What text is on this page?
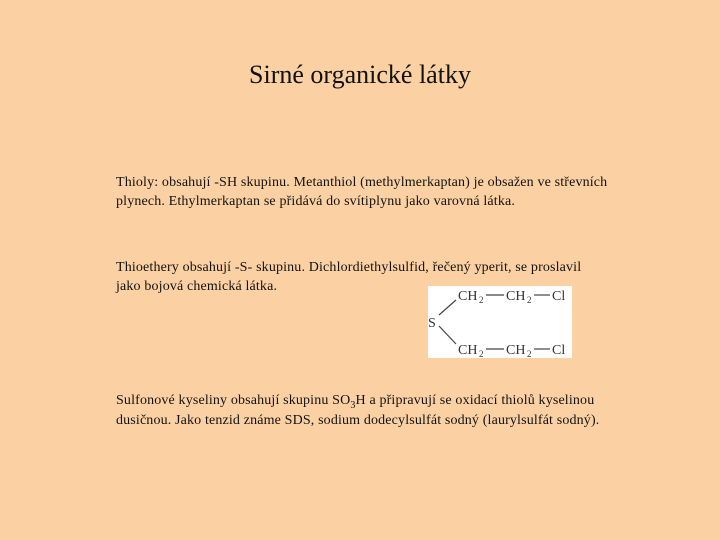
Sirné organické látky
Thioly: obsahují -SH skupinu. Metanthiol (methylmerkaptan) je obsažen ve střevních plynech. Ethylmerkaptan se přidává do svítiplynu jako varovná látka.
Thioethery obsahují -S- skupinu. Dichlordiethylsulfid, řečený yperit, se proslavil jako bojová chemická látka.
CH 2 CH 2 Cl
S
CH 2 CH 2 Cl
Sulfonové kyseliny obsahují skupinu $SO_3H$ a připravují se oxidací thiolů kyselinou dusičnou. Jako tenzid známe SDS, sodium dodecylsulfát sodný (laurylsulfát sodný).
